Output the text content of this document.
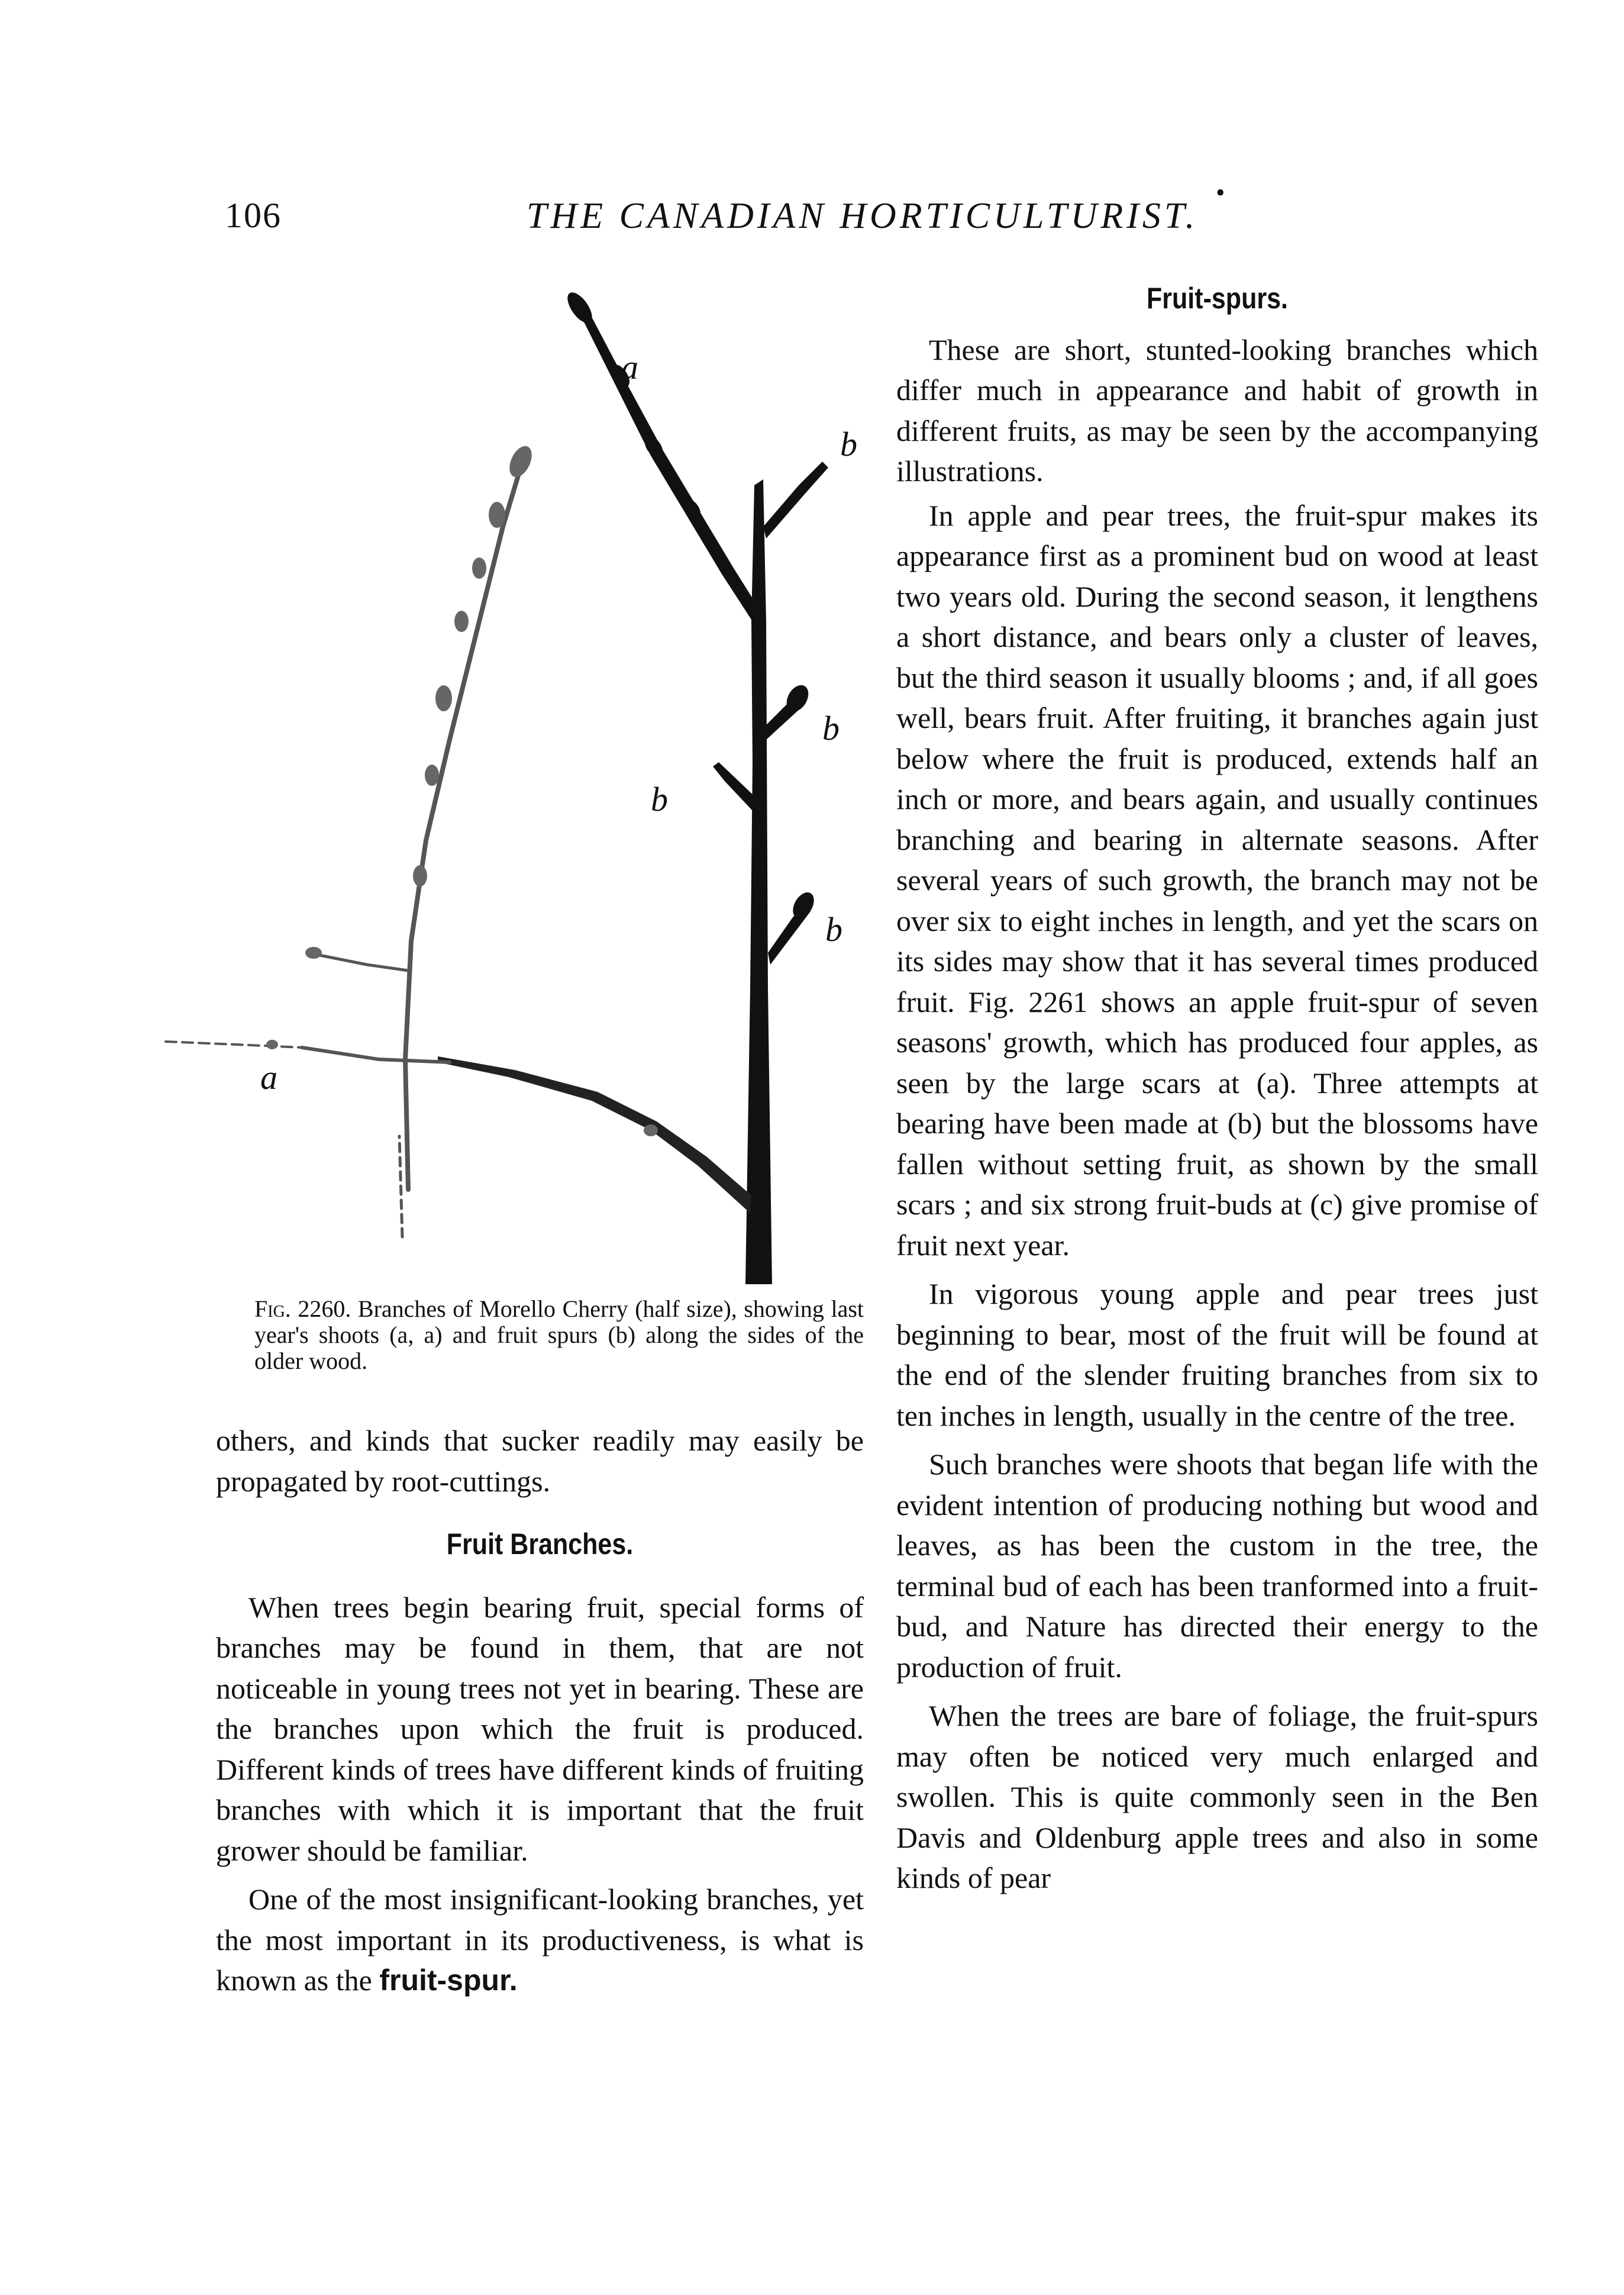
106	THE CANADIAN HORTICULTURIST.
•
a
b
b
b
b
a
Fig. 2260. Branches of Morello Cherry (half size), showing last year's shoots (a, a) and fruit spurs (b) along the sides of the older wood.

others, and kinds that sucker readily may easily be propagated by root-cuttings.

Fruit Branches.

When trees begin bearing fruit, special forms of branches may be found in them, that are not noticeable in young trees not yet in bearing. These are the branches upon which the fruit is produced. Different kinds of trees have different kinds of fruiting branches with which it is important that the fruit grower should be familiar.

One of the most insignificant-looking branches, yet the most important in its productiveness, is what is known as the fruit-spur.

Fruit-spurs.

These are short, stunted-looking branches which differ much in appearance and habit of growth in different fruits, as may be seen by the accompanying illustrations.

In apple and pear trees, the fruit-spur makes its appearance first as a prominent bud on wood at least two years old. During the second season, it lengthens a short distance, and bears only a cluster of leaves, but the third season it usually blooms ; and, if all goes well, bears fruit. After fruiting, it branches again just below where the fruit is produced, extends half an inch or more, and bears again, and usually continues branching and bearing in alternate seasons. After several years of such growth, the branch may not be over six to eight inches in length, and yet the scars on its sides may show that it has several times produced fruit. Fig. 2261 shows an apple fruit-spur of seven seasons' growth, which has produced four apples, as seen by the large scars at (a). Three attempts at bearing have been made at (b) but the blossoms have fallen without setting fruit, as shown by the small scars ; and six strong fruit-buds at (c) give promise of fruit next year.

In vigorous young apple and pear trees just beginning to bear, most of the fruit will be found at the end of the slender fruiting branches from six to ten inches in length, usually in the centre of the tree.

Such branches were shoots that began life with the evident intention of producing nothing but wood and leaves, as has been the custom in the tree, the terminal bud of each has been tranformed into a fruit-bud, and Nature has directed their energy to the production of fruit.

When the trees are bare of foliage, the fruit-spurs may often be noticed very much enlarged and swollen. This is quite commonly seen in the Ben Davis and Oldenburg apple trees and also in some kinds of pear
